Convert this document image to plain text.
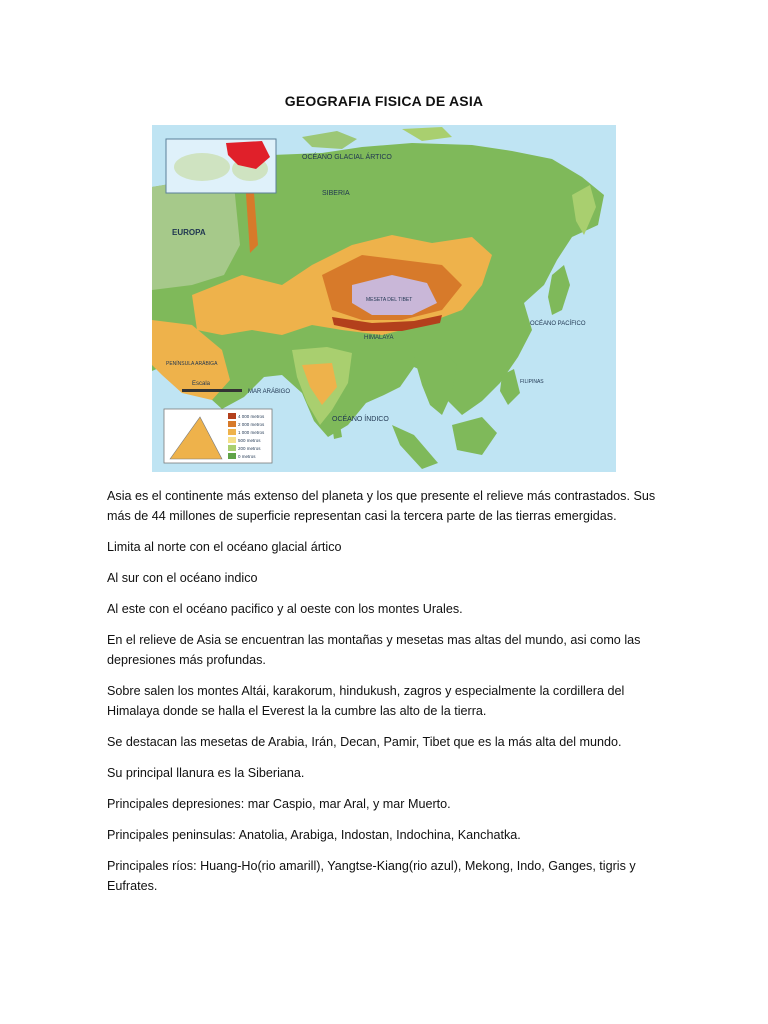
GEOGRAFIA FISICA DE ASIA
4 000 metros
2 000 metros
1 000 metros
500 metros
200 metros
0 metros
Escala
OCÉANO GLACIAL ÁRTICO
EUROPA
SIBERIA
MESETA DEL TIBET
HIMALAYA
PENÍNSULA ARÁBIGA
MAR ARÁBIGO
OCÉANO ÍNDICO
OCÉANO PACÍFICO
FILIPINAS

Asia es el continente más extenso del planeta y los que presente el relieve más contrastados. Sus más de 44 millones de superficie representan casi la tercera parte de las tierras emergidas.

Limita al norte con el océano glacial ártico

Al sur con el océano indico

Al este con el océano pacifico y al oeste con los montes Urales.

En el relieve de Asia se encuentran las montañas y mesetas mas altas del mundo, asi como las depresiones más profundas.

Sobre salen los montes Altái, karakorum, hindukush, zagros y especialmente la cordillera del Himalaya donde se halla el Everest la la cumbre las alto de la tierra.

Se destacan las mesetas de Arabia, Irán, Decan, Pamir, Tibet que es la más alta del mundo.

Su principal llanura es la Siberiana.

Principales depresiones: mar Caspio, mar Aral, y mar Muerto.

Principales peninsulas: Anatolia, Arabiga, Indostan, Indochina, Kanchatka.

Principales ríos: Huang-Ho(rio amarill), Yangtse-Kiang(rio azul), Mekong, Indo, Ganges, tigris y Eufrates.
